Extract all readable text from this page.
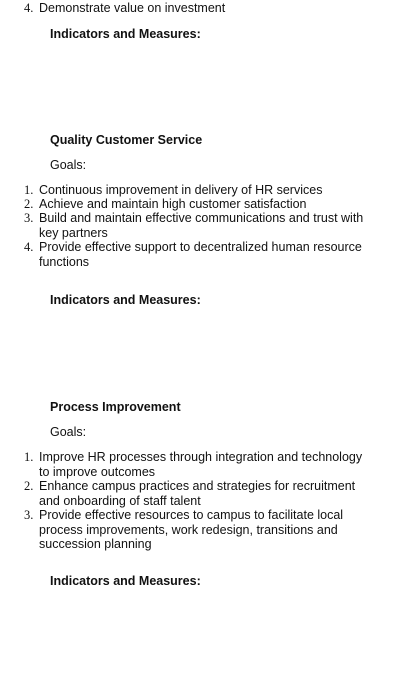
4. Demonstrate value on investment
Indicators and Measures:
Quality Customer Service
Goals:
1. Continuous improvement in delivery of HR services
2. Achieve and maintain high customer satisfaction
3. Build and maintain effective communications and trust with key partners
4. Provide effective support to decentralized human resource functions
Indicators and Measures:
Process Improvement
Goals:
1. Improve HR processes through integration and technology to improve outcomes
2. Enhance campus practices and strategies for recruitment and onboarding of staff talent
3. Provide effective resources to campus to facilitate local process improvements, work redesign, transitions and succession planning
Indicators and Measures:
